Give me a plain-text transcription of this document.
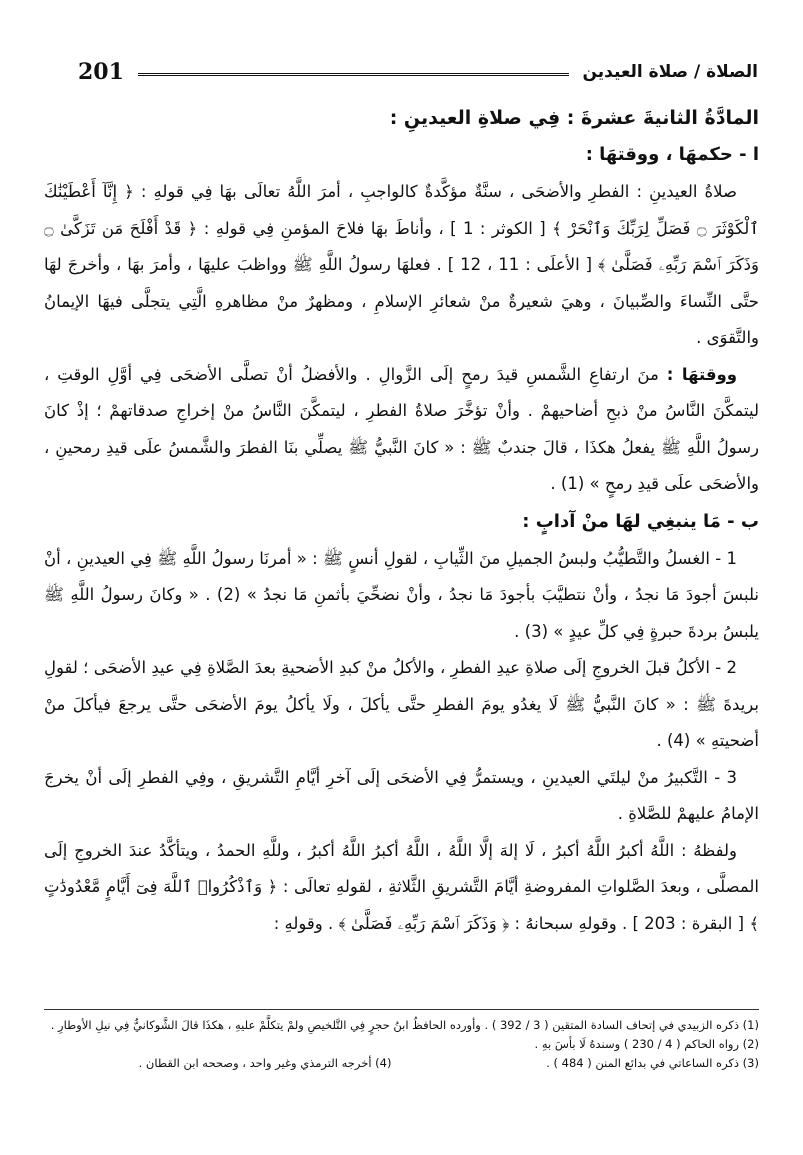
الصلاة / صلاة العيدين
201
المادَّةُ الثانيةَ عشرةَ : فِي صلاةِ العيدينِ :
ا - حكمهَا ، ووقتهَا :

صلاةُ العيدينِ : الفطرِ والأضحَى ، سنَّةٌ مؤكَّدةٌ كالواجبِ ، أمرَ اللَّهُ تعالَى بهَا فِي قولهِ : ﴿ إِنَّآ أَعْطَيْنَٰكَ ٱلْكَوْثَرَ ۝ فَصَلِّ لِرَبِّكَ وَٱنْحَرْ ﴾ [ الكوثر : 1 ] ، وأناطَ بهَا فلاحَ المؤمنِ فِي قولهِ : ﴿ قَدْ أَفْلَحَ مَن تَزَكَّىٰ ۝ وَذَكَرَ ٱسْمَ رَبِّهِۦ فَصَلَّىٰ ﴾ [ الأعلَى : 11 ، 12 ] . فعلهَا رسولُ اللَّهِ ﷺ وواظبَ عليهَا ، وأمرَ بهَا ، وأخرجَ لهَا حتَّى النِّساءَ والصِّبيانَ ، وهيَ شعيرةٌ منْ شعائرِ الإسلامِ ، ومظهرٌ منْ مظاهرهِ الَّتِي يتجلَّى فيهَا الإيمانُ والتَّقوَى .

ووقتهَا : منَ ارتفاعِ الشَّمسِ قيدَ رمحٍ إلَى الزَّوالِ . والأفضلُ أنْ تصلَّى الأضحَى فِي أوَّلِ الوقتِ ، ليتمكَّنَ النَّاسُ منْ ذبحِ أضاحيهمْ . وأنْ تؤخَّرَ صلاةُ الفطرِ ، ليتمكَّنَ النَّاسُ منْ إخراجِ صدقاتهمْ ؛ إذْ كانَ رسولُ اللَّهِ ﷺ يفعلُ هكذَا ، قالَ جندبٌ ﷺ : « كانَ النَّبيُّ ﷺ يصلِّي بنَا الفطرَ والشَّمسُ علَى قيدِ رمحينِ ، والأضحَى علَى قيدِ رمحٍ » (1) .

ب - مَا ينبغِي لهَا منْ آدابٍ :

1 - الغسلُ والتَّطيُّبُ ولبسُ الجميلِ منَ الثِّيابِ ، لقولِ أنسٍ ﷺ : « أمرنَا رسولُ اللَّهِ ﷺ فِي العيدينِ ، أنْ نلبسَ أجودَ مَا نجدُ ، وأنْ نتطيَّبَ بأجودَ مَا نجدُ ، وأنْ نضحِّيَ بأثمنِ مَا نجدُ » (2) . « وكانَ رسولُ اللَّهِ ﷺ يلبسُ بردةَ حبرةٍ فِي كلِّ عيدٍ » (3) .

2 - الأكلُ قبلَ الخروجِ إلَى صلاةِ عيدِ الفطرِ ، والأكلُ منْ كبدِ الأضحيةِ بعدَ الصَّلاةِ فِي عيدِ الأضحَى ؛ لقولِ بريدةَ ﷺ : « كانَ النَّبيُّ ﷺ لَا يغدُو يومَ الفطرِ حتَّى يأكلَ ، ولَا يأكلُ يومَ الأضحَى حتَّى يرجعَ فيأكلَ منْ أضحيتهِ » (4) .

3 - التَّكبيرُ منْ ليلتَي العيدينِ ، ويستمرُّ فِي الأضحَى إلَى آخرِ أيَّامِ التَّشريقِ ، وفِي الفطرِ إلَى أنْ يخرجَ الإمامُ عليهمْ للصَّلاةِ .

ولفظهُ : اللَّهُ أكبرُ اللَّهُ أكبرُ ، لَا إلهَ إلَّا اللَّهُ ، اللَّهُ أكبرُ اللَّهُ أكبرُ ، وللَّهِ الحمدُ ، ويتأكَّدُ عندَ الخروجِ إلَى المصلَّى ، وبعدَ الصَّلواتِ المفروضةِ أيَّامَ التَّشريقِ الثَّلاثةِ ، لقولهِ تعالَى : ﴿ وَٱذْكُرُوا۟ ٱللَّهَ فِىٓ أَيَّامٍ مَّعْدُودَٰتٍ ﴾ [ البقرة : 203 ] . وقولهِ سبحانهُ : ﴿ وَذَكَرَ ٱسْمَ رَبِّهِۦ فَصَلَّىٰ ﴾ . وقولهِ :

(1) ذكره الزبيدي في إتحاف السادة المتقين ( 3 / 392 ) . وأورده الحافظُ ابنُ حجرٍ فِي التَّلخيصِ ولمْ يتكلَّمْ عليهِ ، هكذَا قالَ الشَّوكانيُّ فِي نيلِ الأوطارِ .
(2) رواه الحاكم ( 4 / 230 ) وسندهُ لَا بأسَ بهِ .
(3) ذكره الساعاتي في بدائع المنن ( 484 ) .
(4) أخرجه الترمذي وغير واحد ، وصححه ابن القطان .
